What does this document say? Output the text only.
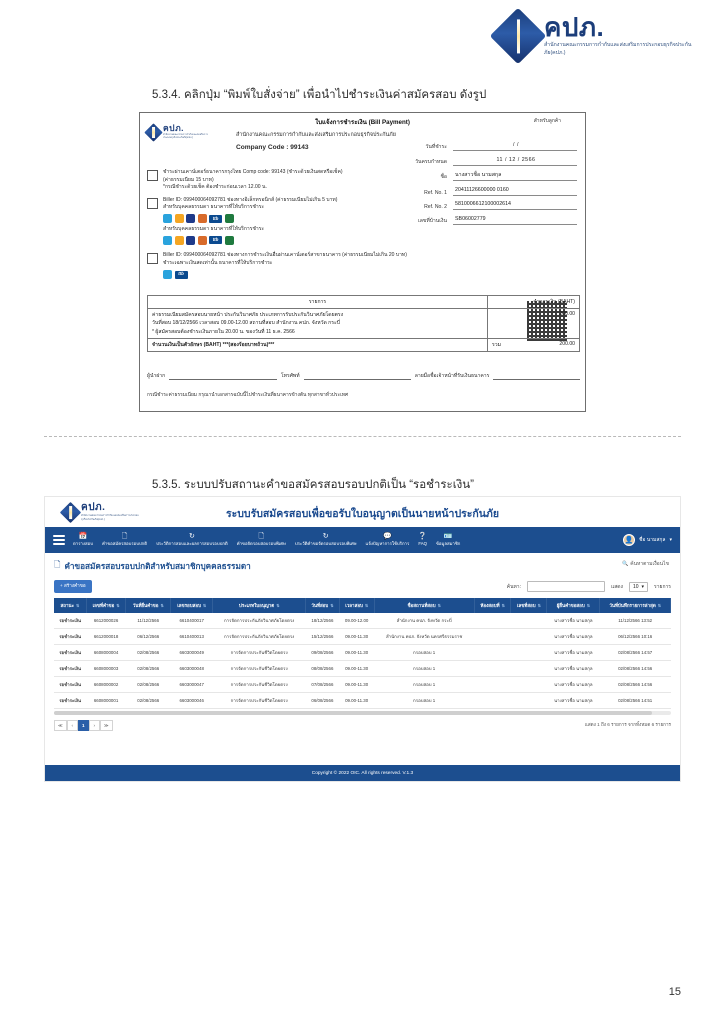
คปภ.
สำนักงานคณะกรรมการกำกับและส่งเสริมการประกอบธุรกิจประกันภัย(คปภ.)
5.3.4. คลิกปุ่ม “พิมพ์ใบสั่งจ่าย” เพื่อนำไปชำระเงินค่าสมัครสอบ ดังรูป
คปภ.
สำนักงานคณะกรรมการกำกับและส่งเสริมการประกอบธุรกิจประกันภัย(คปภ.)
ใบแจ้งการชำระเงิน (Bill Payment)	สำหรับลูกค้า
สำนักงานคณะกรรมการกำกับและส่งเสริมการประกอบธุรกิจประกันภัย
Company Code : 99143	วันที่ชำระ	/ /
วันครบกำหนด	11 / 12 / 2566
ชื่อ	นางสาวชื่อ นามสกุล
Ref. No. 1	20411126600000 0160
Ref. No. 2	5810006612100002614
เลขที่บ้านเงิน	SB06002779
ชำระผ่านเคาน์เตอร์ธนาคารกรุงไทย Comp code: 99143 (ชำระด้วยเงินสดหรือเช็ค)
(ค่าธรรมเนียม 15 บาท)
*กรณีชำระด้วยเช็ค ต้องชำระก่อนเวลา 12.00 น.
Biller ID: 099400064092781 ช่องทางอิเล็กทรอนิกส์ (ค่าธรรมเนียมไม่เกิน 5 บาท)
สำหรับบุคคลธรรมดา ธนาคารที่ให้บริการชำระ
ttb
สำหรับบุคคลธรรมดา ธนาคารที่ให้บริการชำระ
ttb
Biller ID: 099400064092781 ช่องทางการชำระเงินอื่นผ่านเคาน์เตอร์สาขาธนาคาร (ค่าธรรมเนียมไม่เกิน 20 บาท)
ชำระเฉพาะเงินสดเท่านั้น ธนาคารที่ให้บริการชำระ
ttb
รายการ	จำนวนเงิน (BAHT)

ค่าธรรมเนียมสมัครสอบนายหน้า ประกันวินาศภัย ประเภทการรับประกันวินาศภัยโดยตรง
วันที่สอบ 18/12/2566 เวลาสอบ 09.00-12.00 สถานที่สอบ สำนักงาน คปภ. จังหวัด กระบี่
* ผู้สมัครสอบต้องชำระเงินภายใน 20.00 น. ของวันที่ 11 ธ.ค. 2566	200.00
จำนวนเงินเป็นตัวอักษร (BAHT) ***(สองร้อยบาทถ้วน)***	รวม 200.00
ผู้นำฝาก	โทรศัพท์	ลายมือชื่อเจ้าหน้าที่รับเงินธนาคาร
กรณีชำระค่าธรรมเนียม กรุณานำเอกสารฉบับนี้ไปชำระเงินที่ธนาคารข้างต้น ทุกสาขาทั่วประเทศ
5.3.5. ระบบปรับสถานะคำขอสมัครสอบรอบปกติเป็น “รอชำระเงิน”
คปภ.
สำนักงานคณะกรรมการกำกับและส่งเสริมการประกอบธุรกิจประกันภัย(คปภ.)	ระบบรับสมัครสอบเพื่อขอรับใบอนุญาตเป็นนายหน้าประกันภัย
📅
ตารางสอบ
🗋
คำขอสมัครสอบรอบปกติ
↻
ประวัติการสอบและผลการสอบรอบปกติ
🗋
คำขอจัดรอบสอบรอบพิเศษ
↻
ประวัติคำขอจัดรอบสอบรอบพิเศษ
💬
แจ้งปัญหาการใช้บริการ
❔
FAQ
🪪
ข้อมูลสมาชิก	👤	ชื่อ นามสกุล ▾
🗋 คำขอสมัครสอบรอบปกติสำหรับสมาชิกบุคคลธรรมดา	🔍 ค้นหาตามเงื่อนไข
+ สร้างคำขอ	ค้นหา:	แสดง 10 ▾ รายการ
สถานะ ⇅	เลขที่คำขอ ⇅	วันที่ยื่นคำขอ ⇅	เลขรอบสอบ ⇅	ประเภทใบอนุญาต ⇅	วันที่สอบ ⇅	เวลาสอบ ⇅	ชื่อสถานที่สอบ ⇅	ห้องสอบที่ ⇅	เลขที่สอบ ⇅	ผู้ยื่นคำขอสอบ ⇅	วันที่บันทึกรายการล่าสุด ⇅
รอชำระเงิน	6612000026	11/12/2566	6610400017	การจัดการประกันภัยวินาศภัยโดยตรง	18/12/2566	09.00-12.00	สำนักงาน คปภ. จังหวัด กระบี่			นางสาวชื่อ นามสกุล	11/12/2566 13:52
รอชำระเงิน	6612000018	06/12/2566	6610400013	การจัดการประกันภัยวินาศภัยโดยตรง	15/12/2566	09.00-11.30	สำนักงาน คปภ. จังหวัด นครศรีธรรมราช			นางสาวชื่อ นามสกุล	06/12/2566 10:16
รอชำระเงิน	6608000004	02/08/2566	6603000049	การจัดการประกันชีวิตโดยตรง	09/08/2566	09.00-11.30	กรอบสอบ 1			นางสาวชื่อ นามสกุล	02/08/2566 14:57
รอชำระเงิน	6608000003	02/08/2566	6603000048	การจัดการประกันชีวิตโดยตรง	08/08/2566	09.00-11.30	กรอบสอบ 1			นางสาวชื่อ นามสกุล	02/08/2566 14:56
รอชำระเงิน	6608000002	02/08/2566	6603000047	การจัดการประกันชีวิตโดยตรง	07/08/2566	09.00-11.30	กรอบสอบ 1			นางสาวชื่อ นามสกุล	02/08/2566 14:56
รอชำระเงิน	6608000001	02/08/2566	6603000046	การจัดการประกันชีวิตโดยตรง	06/08/2566	09.00-11.30	กรอบสอบ 1			นางสาวชื่อ นามสกุล	02/08/2566 14:51
≪	‹	1	›	≫	แสดง 1 ถึง 6 รายการ จากทั้งหมด 6 รายการ
Copyright © 2022 OIC. All rights reserved. V.1.3
15
